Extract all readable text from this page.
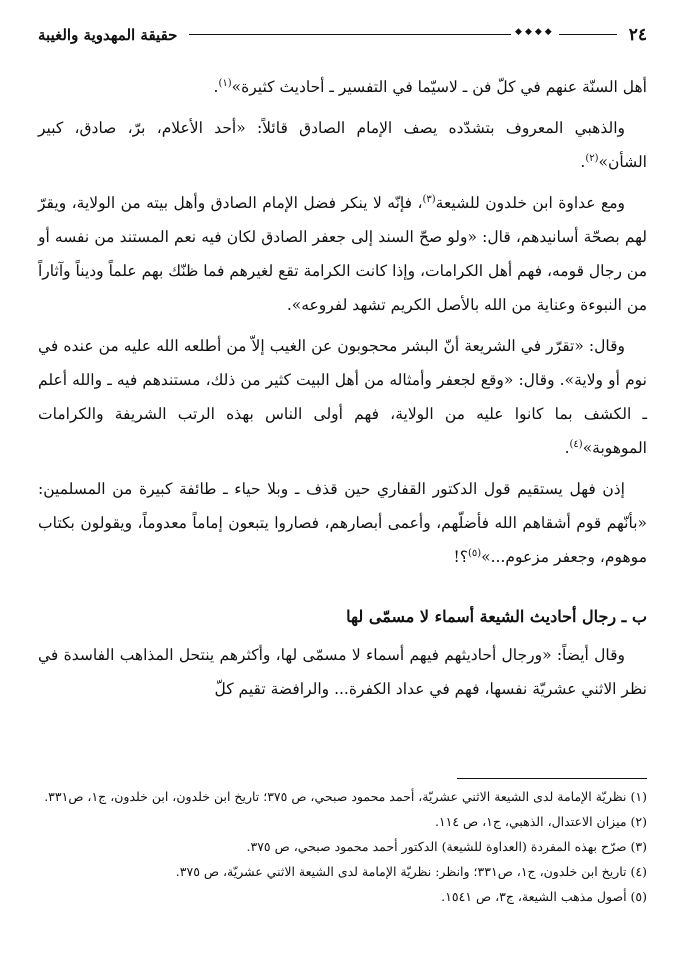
٢٤
◆◆◆◆
حقيقة المهدوية والغيبة

أهل السنّة عنهم في كلّ فن ـ لاسيّما في التفسير ـ أحاديث كثيرة»$^{(١)}$.

والذهبي المعروف بتشدّده يصف الإمام الصادق قائلاً: «أحد الأعلام، برّ، صادق، كبير الشأن»$^{(٢)}$.

ومع عداوة ابن خلدون للشيعة$^{(٣)}$، فإنّه لا ينكر فضل الإمام الصادق وأهل بيته من الولاية، ويقرّ لهم بصحّة أسانيدهم، قال: «ولو صحّ السند إلى جعفر الصادق لكان فيه نعم المستند من نفسه أو من رجال قومه، فهم أهل الكرامات، وإذا كانت الكرامة تقع لغيرهم فما ظنّك بهم علماً وديناً وآثاراً من النبوءة وعناية من الله بالأصل الكريم تشهد لفروعه».

وقال: «تقرّر في الشريعة أنّ البشر محجوبون عن الغيب إلاّ من أطلعه الله عليه من عنده في نوم أو ولاية». وقال: «وقع لجعفر وأمثاله من أهل البيت كثير من ذلك، مستندهم فيه ـ والله أعلم ـ الكشف بما كانوا عليه من الولاية، فهم أولى الناس بهذه الرتب الشريفة والكرامات الموهوبة»$^{(٤)}$.

إذن فهل يستقيم قول الدكتور القفاري حين قذف ـ وبلا حياء ـ طائفة كبيرة من المسلمين: «بأنّهم قوم أشقاهم الله فأضلّهم، وأعمى أبصارهم، فصاروا يتبعون إماماً معدوماً، ويقولون بكتاب موهوم، وجعفر مزعوم...»$^{(٥)}$؟!

ب ـ رجال أحاديث الشيعة أسماء لا مسمّى لها

وقال أيضاً: «ورجال أحاديثهم فيهم أسماء لا مسمّى لها، وأكثرهم ينتحل المذاهب الفاسدة في نظر الاثني عشريّة نفسها، فهم في عداد الكفرة... والرافضة تقيم كلّ

(١) نظريّة الإمامة لدى الشيعة الاثني عشريّة، أحمد محمود صبحي، ص ٣٧٥؛ تاريخ ابن خلدون، ابن خلدون، ج١، ص٣٣١.

(٢) ميزان الاعتدال، الذهبي، ج١، ص ١١٤.

(٣) صرّح بهذه المفردة (العداوة للشيعة) الدكتور أحمد محمود صبحي، ص ٣٧٥.

(٤) تاريخ ابن خلدون، ج١، ص٣٣١؛ وانظر: نظريّة الإمامة لدى الشيعة الاثني عشريّة، ص ٣٧٥.

(٥) أصول مذهب الشيعة، ج٣، ص ١٥٤١.
